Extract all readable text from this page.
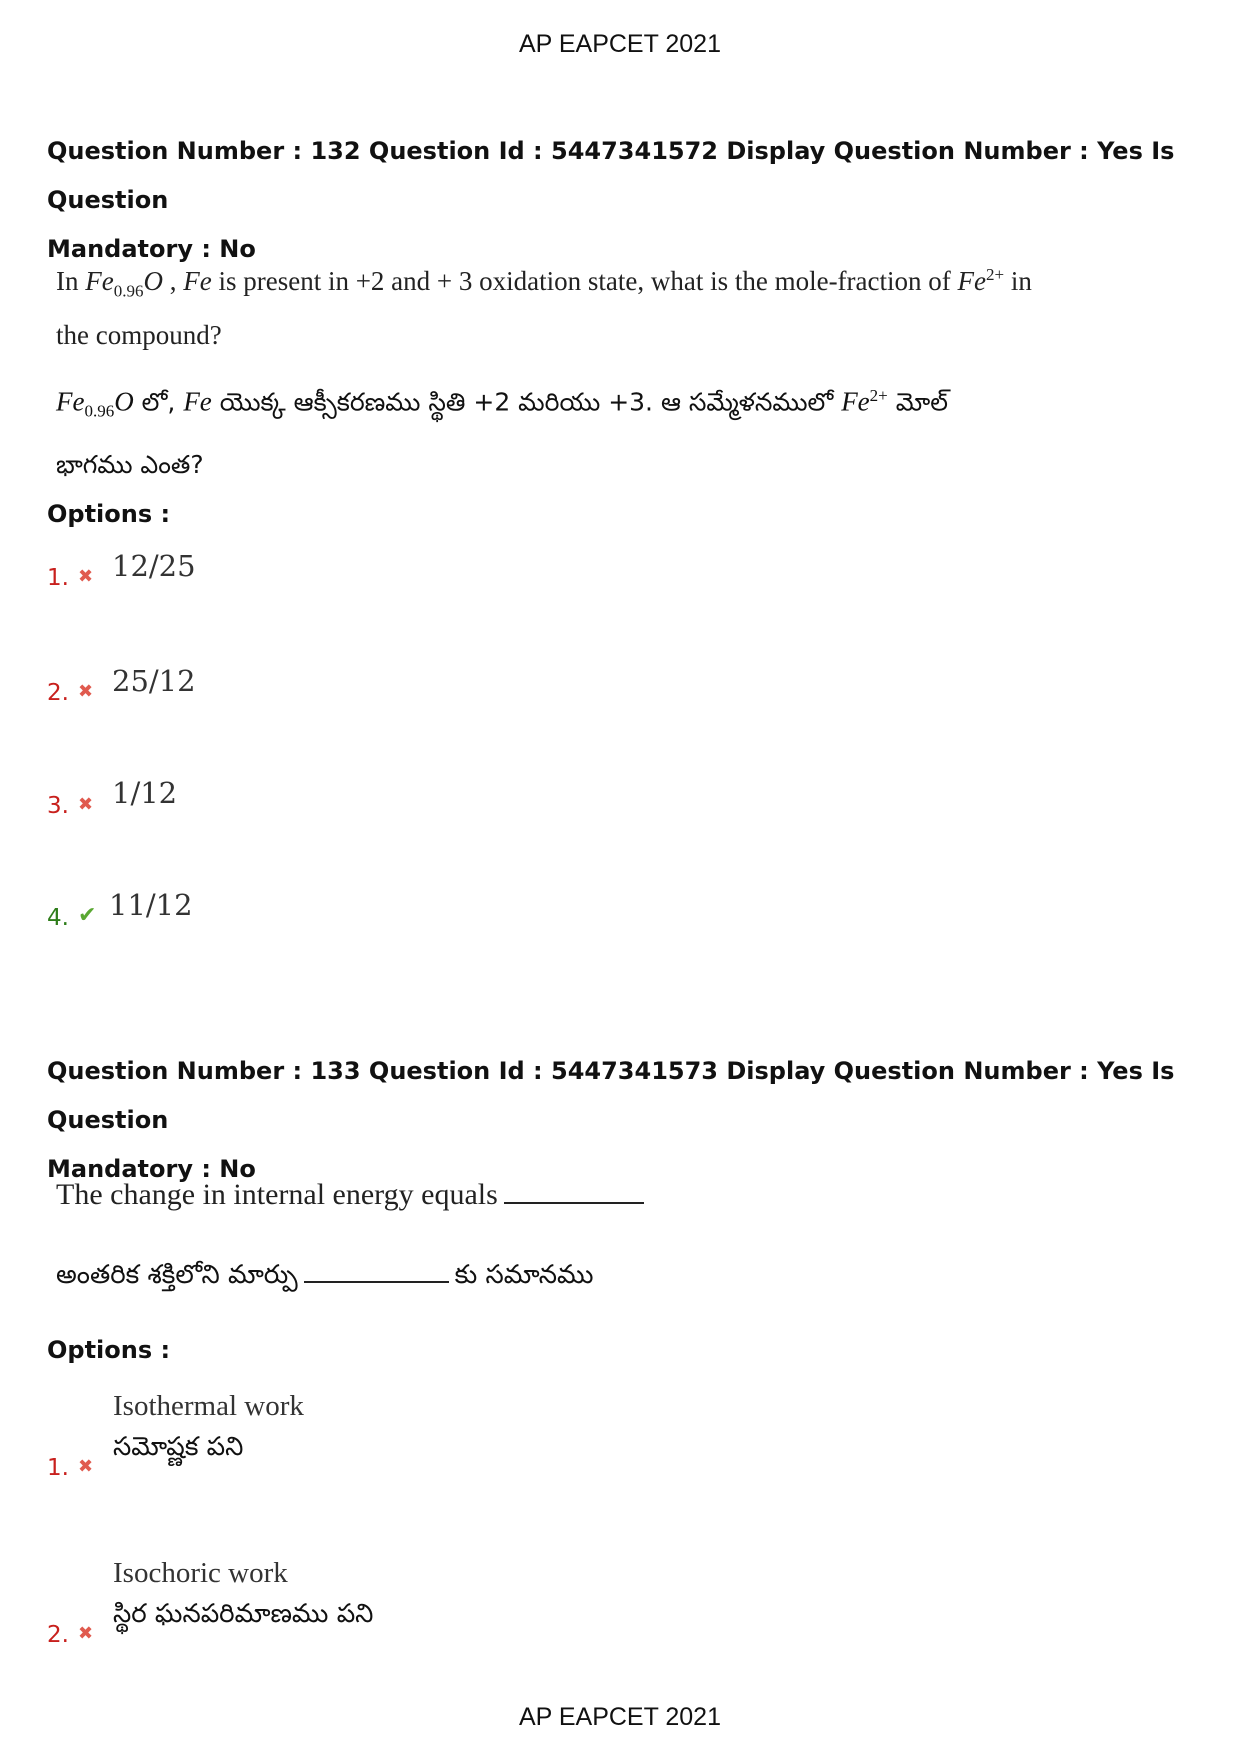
AP EAPCET 2021
Question Number : 132 Question Id : 5447341572 Display Question Number : Yes Is Question
Mandatory : No
In $Fe_{0.96}O$ , Fe is present in +2 and + 3 oxidation state, what is the mole-fraction of $Fe^{2+}$ in
the compound?
$Fe_{0.96}O$ లో, Fe యొక్క ఆక్సీకరణము స్థితి +2 మరియు +3. ఆ సమ్మేళనములో $Fe^{2+}$ మోల్
భాగము ఎంత?
Options :
1. ✖ 12/25
2. ✖ 25/12
3. ✖ 1/12
4. ✔ 11/12
Question Number : 133 Question Id : 5447341573 Display Question Number : Yes Is Question
Mandatory : No
The change in internal energy equals
అంతరిక శక్తిలోని మార్పు	కు సమానము
Options :
Isothermal work
సమోష్ణక పని
1. ✖
Isochoric work
స్థిర ఘనపరిమాణము పని
2. ✖
AP EAPCET 2021
